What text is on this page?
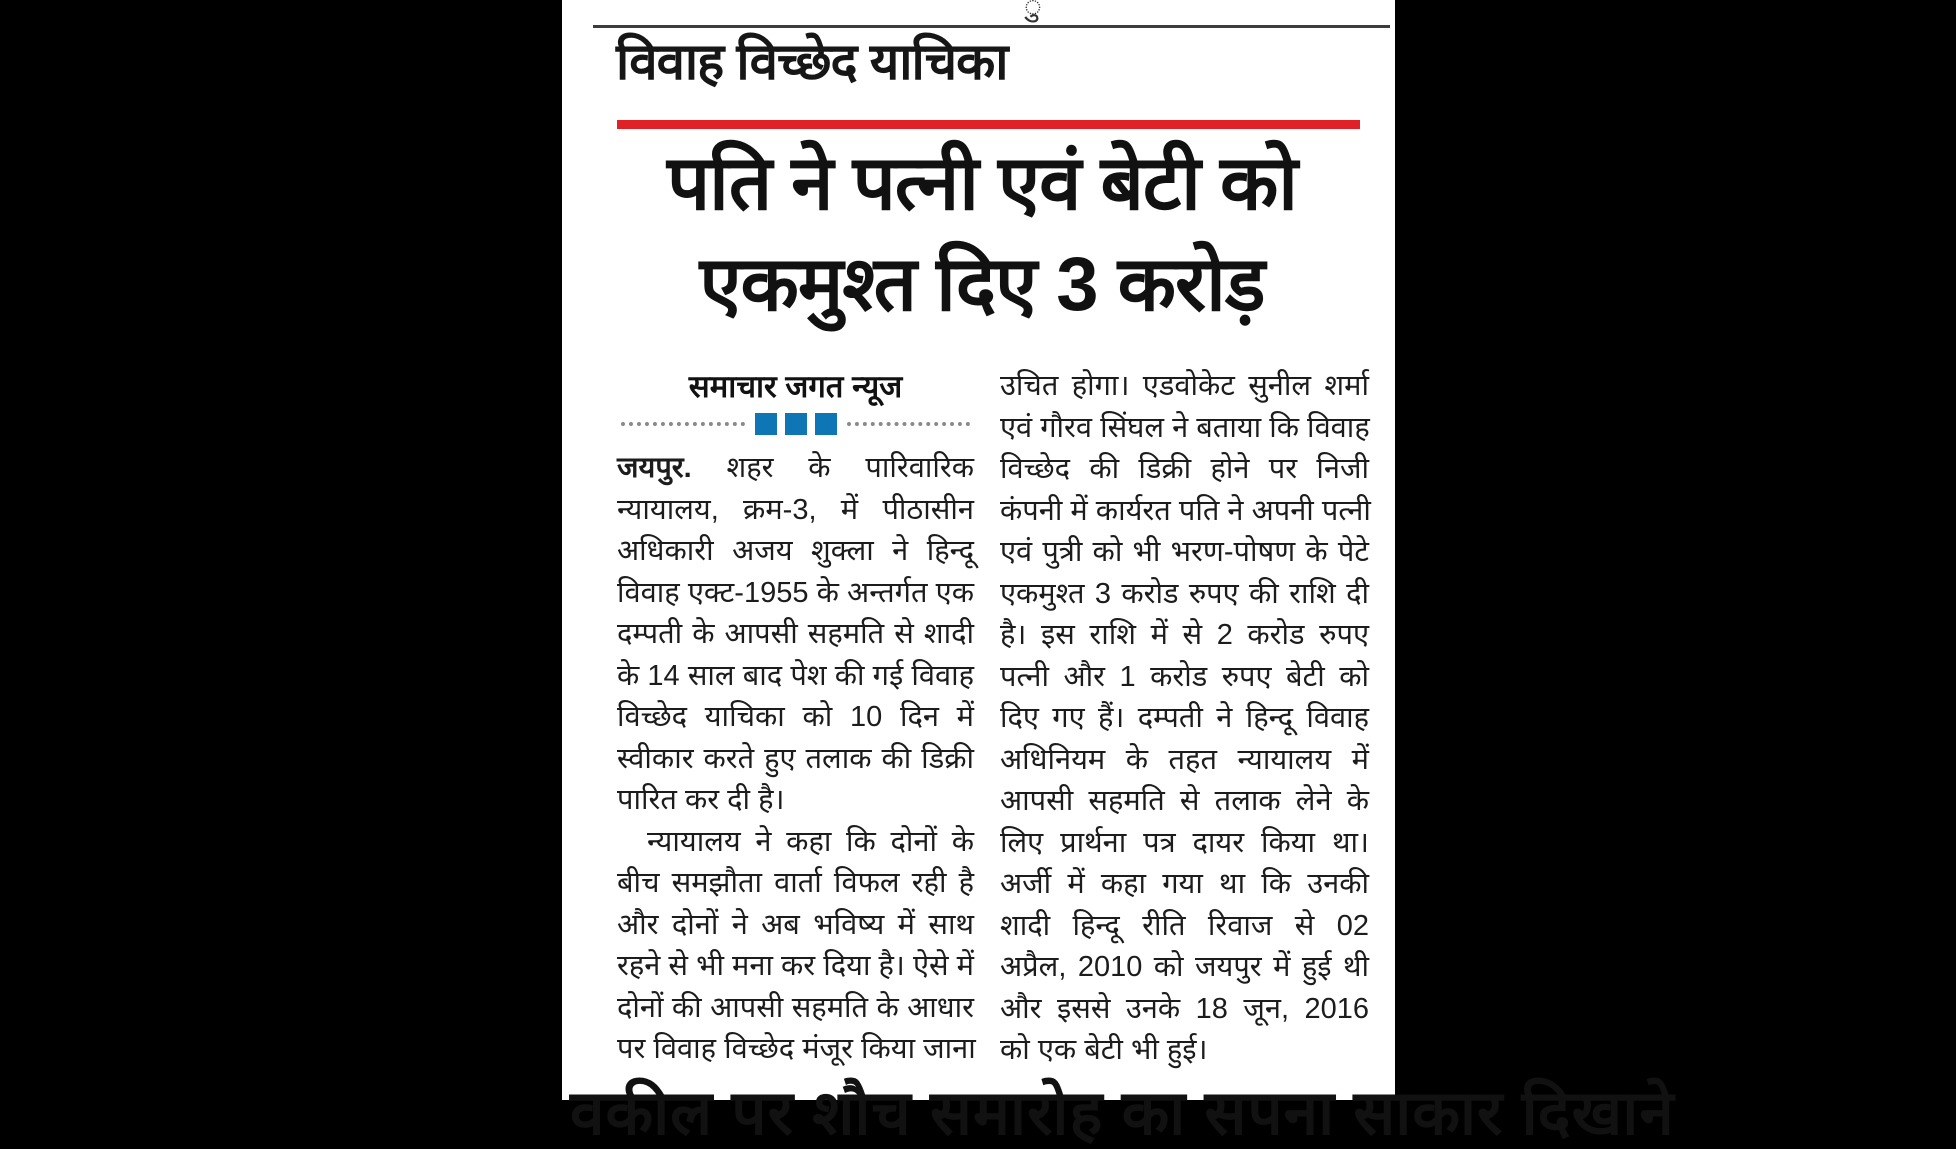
ु
विवाह विच्छेद याचिका
पति ने पत्नी एवं बेटी को
एकमुश्त दिए 3 करोड़
समाचार जगत न्यूज
जयपुर. शहर के पारिवारिक
न्यायालय, क्रम-3, में पीठासीन
अधिकारी अजय शुक्ला ने हिन्दू
विवाह एक्ट-1955 के अन्तर्गत एक
दम्पती के आपसी सहमति से शादी
के 14 साल बाद पेश की गई विवाह
विच्छेद याचिका को 10 दिन में
स्वीकार करते हुए तलाक की डिक्री
पारित कर दी है।
न्यायालय ने कहा कि दोनों के
बीच समझौता वार्ता विफल रही है
और दोनों ने अब भविष्य में साथ
रहने से भी मना कर दिया है। ऐसे में
दोनों की आपसी सहमति के आधार
पर विवाह विच्छेद मंजूर किया जाना
उचित होगा। एडवोकेट सुनील शर्मा
एवं गौरव सिंघल ने बताया कि विवाह
विच्छेद की डिक्री होने पर निजी
कंपनी में कार्यरत पति ने अपनी पत्नी
एवं पुत्री को भी भरण-पोषण के पेटे
एकमुश्त 3 करोड रुपए की राशि दी
है। इस राशि में से 2 करोड रुपए
पत्नी और 1 करोड रुपए बेटी को
दिए गए हैं। दम्पती ने हिन्दू विवाह
अधिनियम के तहत न्यायालय में
आपसी सहमति से तलाक लेने के
लिए प्रार्थना पत्र दायर किया था।
अर्जी में कहा गया था कि उनकी
शादी हिन्दू रीति रिवाज से 02
अप्रैल, 2010 को जयपुर में हुई थी
और इससे उनके 18 जून, 2016
को एक बेटी भी हुई।
वकील पर शौच समारोह का सपना साकार दिखाने
